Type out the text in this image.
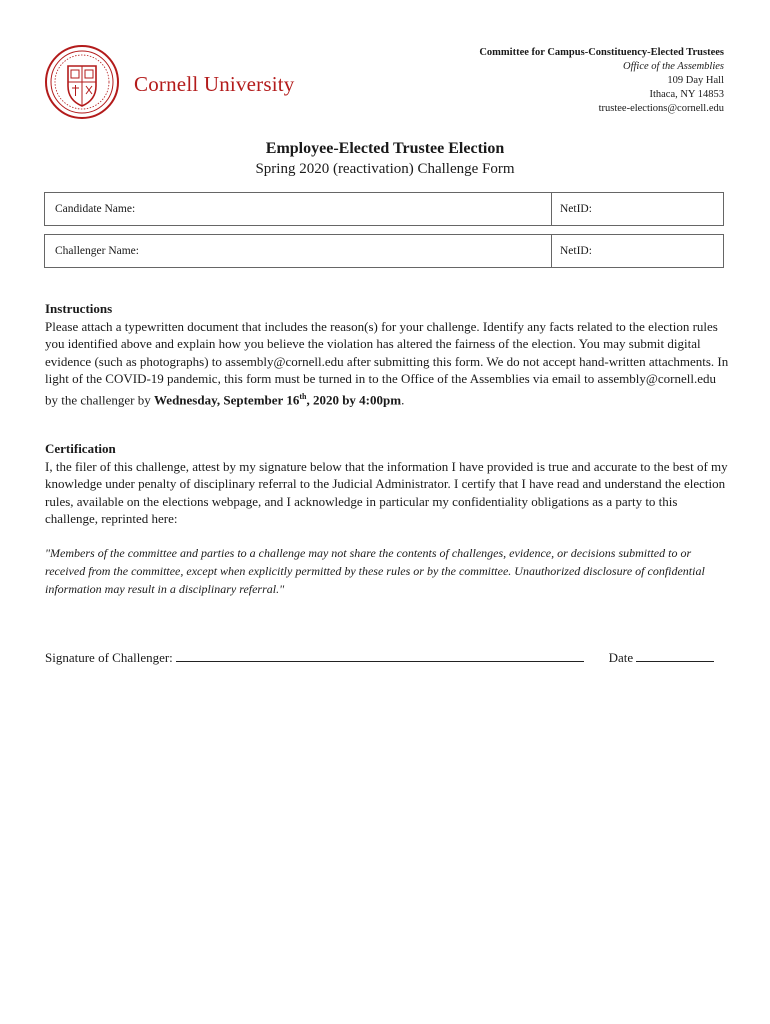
Cornell University
Committee for Campus-Constituency-Elected Trustees
Office of the Assemblies
109 Day Hall
Ithaca, NY 14853
trustee-elections@cornell.edu
Employee-Elected Trustee Election
Spring 2020 (reactivation) Challenge Form
Candidate Name:	NetID:
Challenger Name:	NetID:
Instructions

Please attach a typewritten document that includes the reason(s) for your challenge. Identify any facts related to the election rules you identified above and explain how you believe the violation has altered the fairness of the election. You may submit digital evidence (such as photographs) to assembly@cornell.edu after submitting this form. We do not accept hand-written attachments. In light of the COVID-19 pandemic, this form must be turned in to the Office of the Assemblies via email to assembly@cornell.edu by the challenger by Wednesday, September 16th, 2020 by 4:00pm.

Certification

I, the filer of this challenge, attest by my signature below that the information I have provided is true and accurate to the best of my knowledge under penalty of disciplinary referral to the Judicial Administrator. I certify that I have read and understand the election rules, available on the elections webpage, and I acknowledge in particular my confidentiality obligations as a party to this challenge, reprinted here:

"Members of the committee and parties to a challenge may not share the contents of challenges, evidence, or decisions submitted to or received from the committee, except when explicitly permitted by these rules or by the committee. Unauthorized disclosure of confidential information may result in a disciplinary referral."
Signature of Challenger:	Date
